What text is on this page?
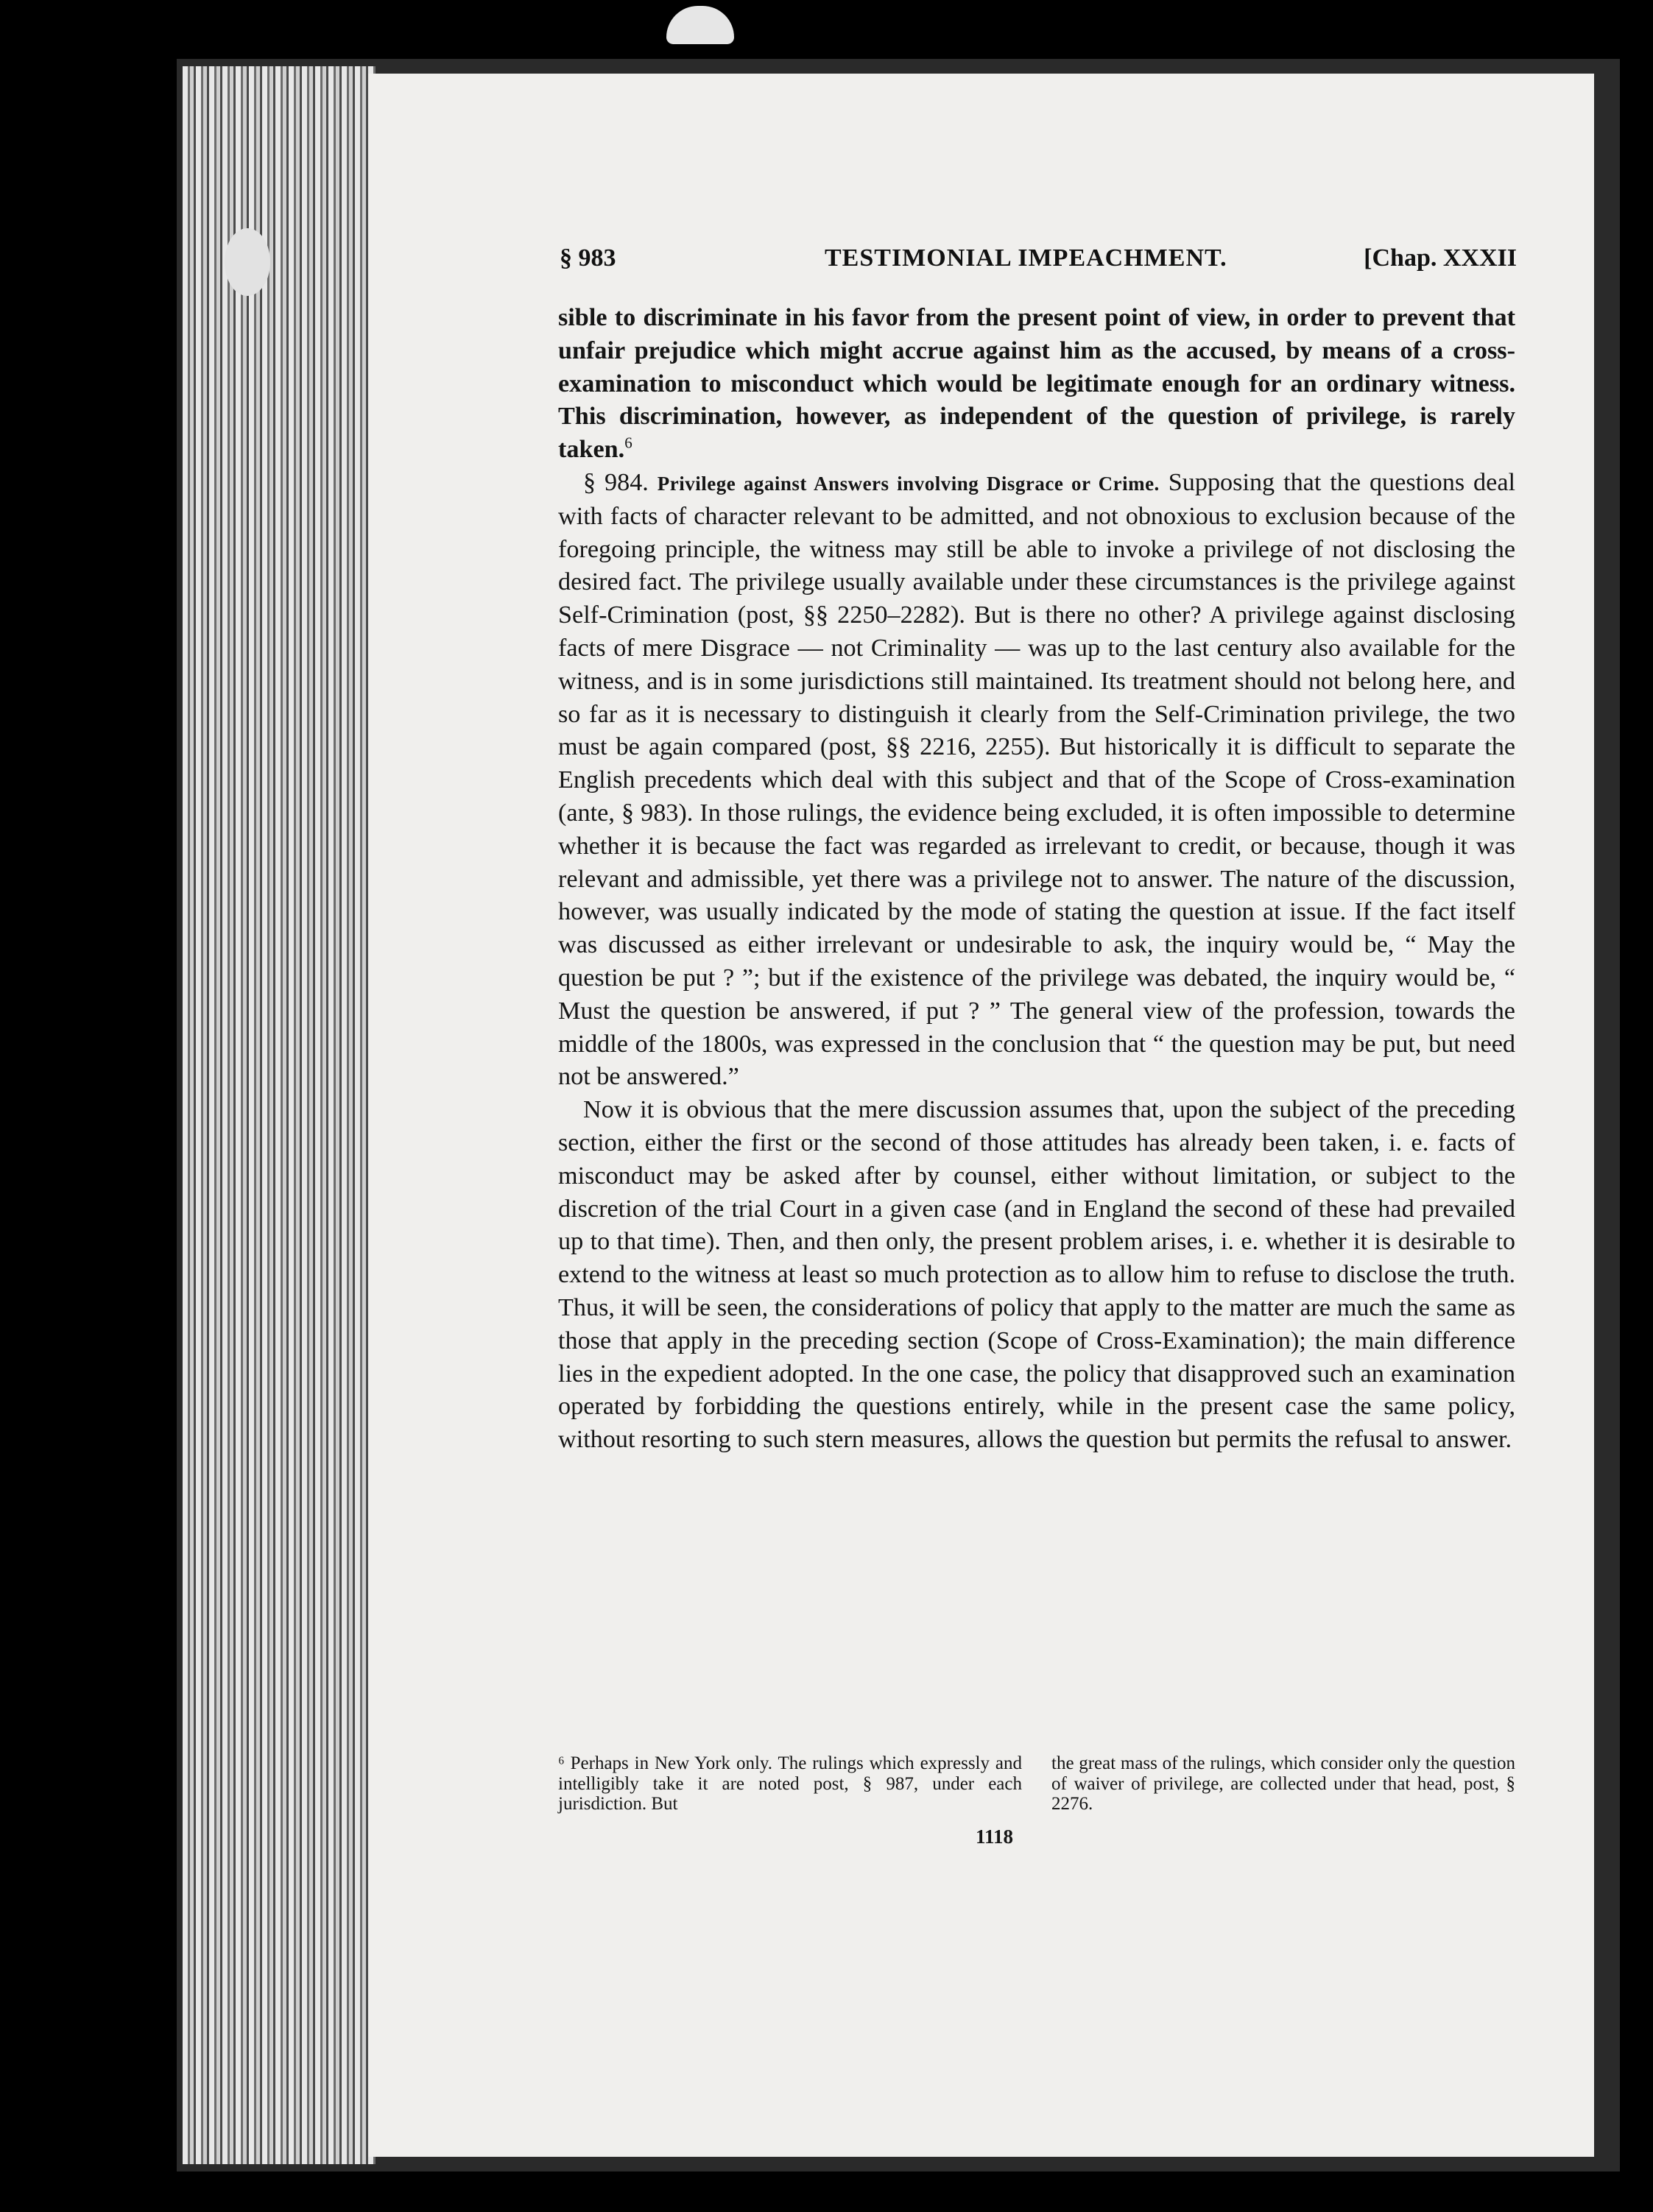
§ 983	TESTIMONIAL IMPEACHMENT.	[Chap. XXXII

sible to discriminate in his favor from the present point of view, in order to prevent that unfair prejudice which might accrue against him as the accused, by means of a cross-examination to misconduct which would be legitimate enough for an ordinary witness. This discrimination, however, as independent of the question of privilege, is rarely taken.$^6$

§ 984. Privilege against Answers involving Disgrace or Crime. Supposing that the questions deal with facts of character relevant to be admitted, and not obnoxious to exclusion because of the foregoing principle, the witness may still be able to invoke a privilege of not disclosing the desired fact. The privilege usually available under these circumstances is the privilege against Self-Crimination (post, §§ 2250–2282). But is there no other? A privilege against disclosing facts of mere Disgrace — not Criminality — was up to the last century also available for the witness, and is in some jurisdictions still maintained. Its treatment should not belong here, and so far as it is necessary to distinguish it clearly from the Self-Crimination privilege, the two must be again compared (post, §§ 2216, 2255). But historically it is difficult to separate the English precedents which deal with this subject and that of the Scope of Cross-examination (ante, § 983). In those rulings, the evidence being excluded, it is often impossible to determine whether it is because the fact was regarded as irrelevant to credit, or because, though it was relevant and admissible, yet there was a privilege not to answer. The nature of the discussion, however, was usually indicated by the mode of stating the question at issue. If the fact itself was discussed as either irrelevant or undesirable to ask, the inquiry would be, “ May the question be put ? ”; but if the existence of the privilege was debated, the inquiry would be, “ Must the question be answered, if put ? ” The general view of the profession, towards the middle of the 1800s, was expressed in the conclusion that “ the question may be put, but need not be answered.”

Now it is obvious that the mere discussion assumes that, upon the subject of the preceding section, either the first or the second of those attitudes has already been taken, i. e. facts of misconduct may be asked after by counsel, either without limitation, or subject to the discretion of the trial Court in a given case (and in England the second of these had prevailed up to that time). Then, and then only, the present problem arises, i. e. whether it is desirable to extend to the witness at least so much protection as to allow him to refuse to disclose the truth. Thus, it will be seen, the considerations of policy that apply to the matter are much the same as those that apply in the preceding section (Scope of Cross-Examination); the main difference lies in the expedient adopted. In the one case, the policy that disapproved such an examination operated by forbidding the questions entirely, while in the present case the same policy, without resorting to such stern measures, allows the question but permits the refusal to answer.

⁶ Perhaps in New York only. The rulings which expressly and intelligibly take it are noted post, § 987, under each jurisdiction. But
the great mass of the rulings, which consider only the question of waiver of privilege, are collected under that head, post, § 2276.
1118
